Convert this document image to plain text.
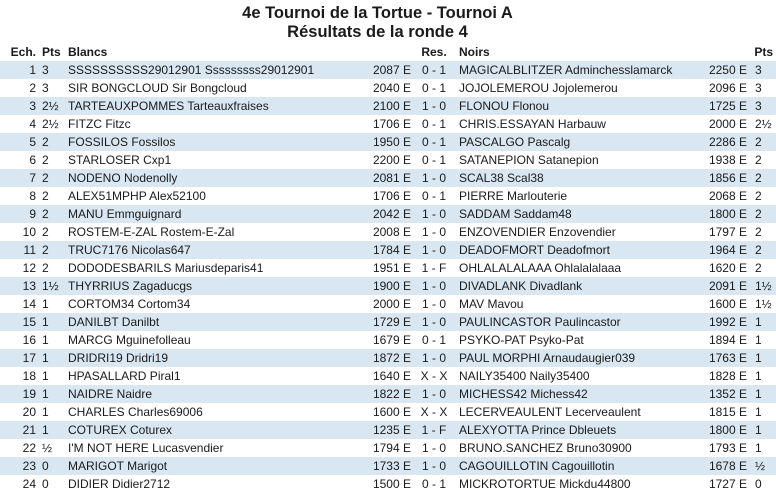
4e Tournoi de la Tortue - Tournoi A
Résultats de la ronde 4
Ech.	Pts	Blancs		Res.	Noirs		Pts
1	3	SSSSSSSSSS29012901 Sssssssss29012901	2087 E	0 - 1	MAGICALBLITZER Adminchesslamarck	2250 E	3
2	3	SIR BONGCLOUD Sir Bongcloud	2040 E	0 - 1	JOJOLEMEROU Jojolemerou	2096 E	3
3	2½	TARTEAUXPOMMES Tarteauxfraises	2100 E	1 - 0	FLONOU Flonou	1725 E	3
4	2½	FITZC Fitzc	1706 E	0 - 1	CHRIS.ESSAYAN Harbauw	2000 E	2½
5	2	FOSSILOS Fossilos	1950 E	0 - 1	PASCALGO Pascalg	2286 E	2
6	2	STARLOSER Cxp1	2200 E	0 - 1	SATANEPION Satanepion	1938 E	2
7	2	NODENO Nodenolly	2081 E	1 - 0	SCAL38 Scal38	1856 E	2
8	2	ALEX51MPHP Alex52100	1706 E	0 - 1	PIERRE Marlouterie	2068 E	2
9	2	MANU Emmguignard	2042 E	1 - 0	SADDAM Saddam48	1800 E	2
10	2	ROSTEM-E-ZAL Rostem-E-Zal	2008 E	1 - 0	ENZOVENDIER Enzovendier	1797 E	2
11	2	TRUC7176 Nicolas647	1784 E	1 - 0	DEADOFMORT Deadofmort	1964 E	2
12	2	DODODESBARILS Mariusdeparis41	1951 E	1 - F	OHLALALALAAA Ohlalalalaaa	1620 E	2
13	1½	THYRRIUS Zagaducgs	1900 E	1 - 0	DIVADLANK Divadlank	2091 E	1½
14	1	CORTOM34 Cortom34	2000 E	1 - 0	MAV Mavou	1600 E	1½
15	1	DANILBT Danilbt	1729 E	1 - 0	PAULINCASTOR Paulincastor	1992 E	1
16	1	MARCG Mguinefolleau	1679 E	0 - 1	PSYKO-PAT Psyko-Pat	1894 E	1
17	1	DRIDRI19 Dridri19	1872 E	1 - 0	PAUL MORPHI Arnaudaugier039	1763 E	1
18	1	HPASALLARD Piral1	1640 E	X - X	NAILY35400 Naily35400	1828 E	1
19	1	NAIDRE Naidre	1822 E	1 - 0	MICHESS42 Michess42	1352 E	1
20	1	CHARLES Charles69006	1600 E	X - X	LECERVEAULENT Lecerveaulent	1815 E	1
21	1	COTUREX Coturex	1235 E	1 - F	ALEXYOTTA Prince Dbleuets	1800 E	1
22	½	I'M NOT HERE Lucasvendier	1794 E	1 - 0	BRUNO.SANCHEZ Bruno30900	1793 E	1
23	0	MARIGOT Marigot	1733 E	1 - 0	CAGOUILLOTIN Cagouillotin	1678 E	½
24	0	DIDIER Didier2712	1500 E	0 - 1	MICKROTORTUE Mickdu44800	1727 E	0
